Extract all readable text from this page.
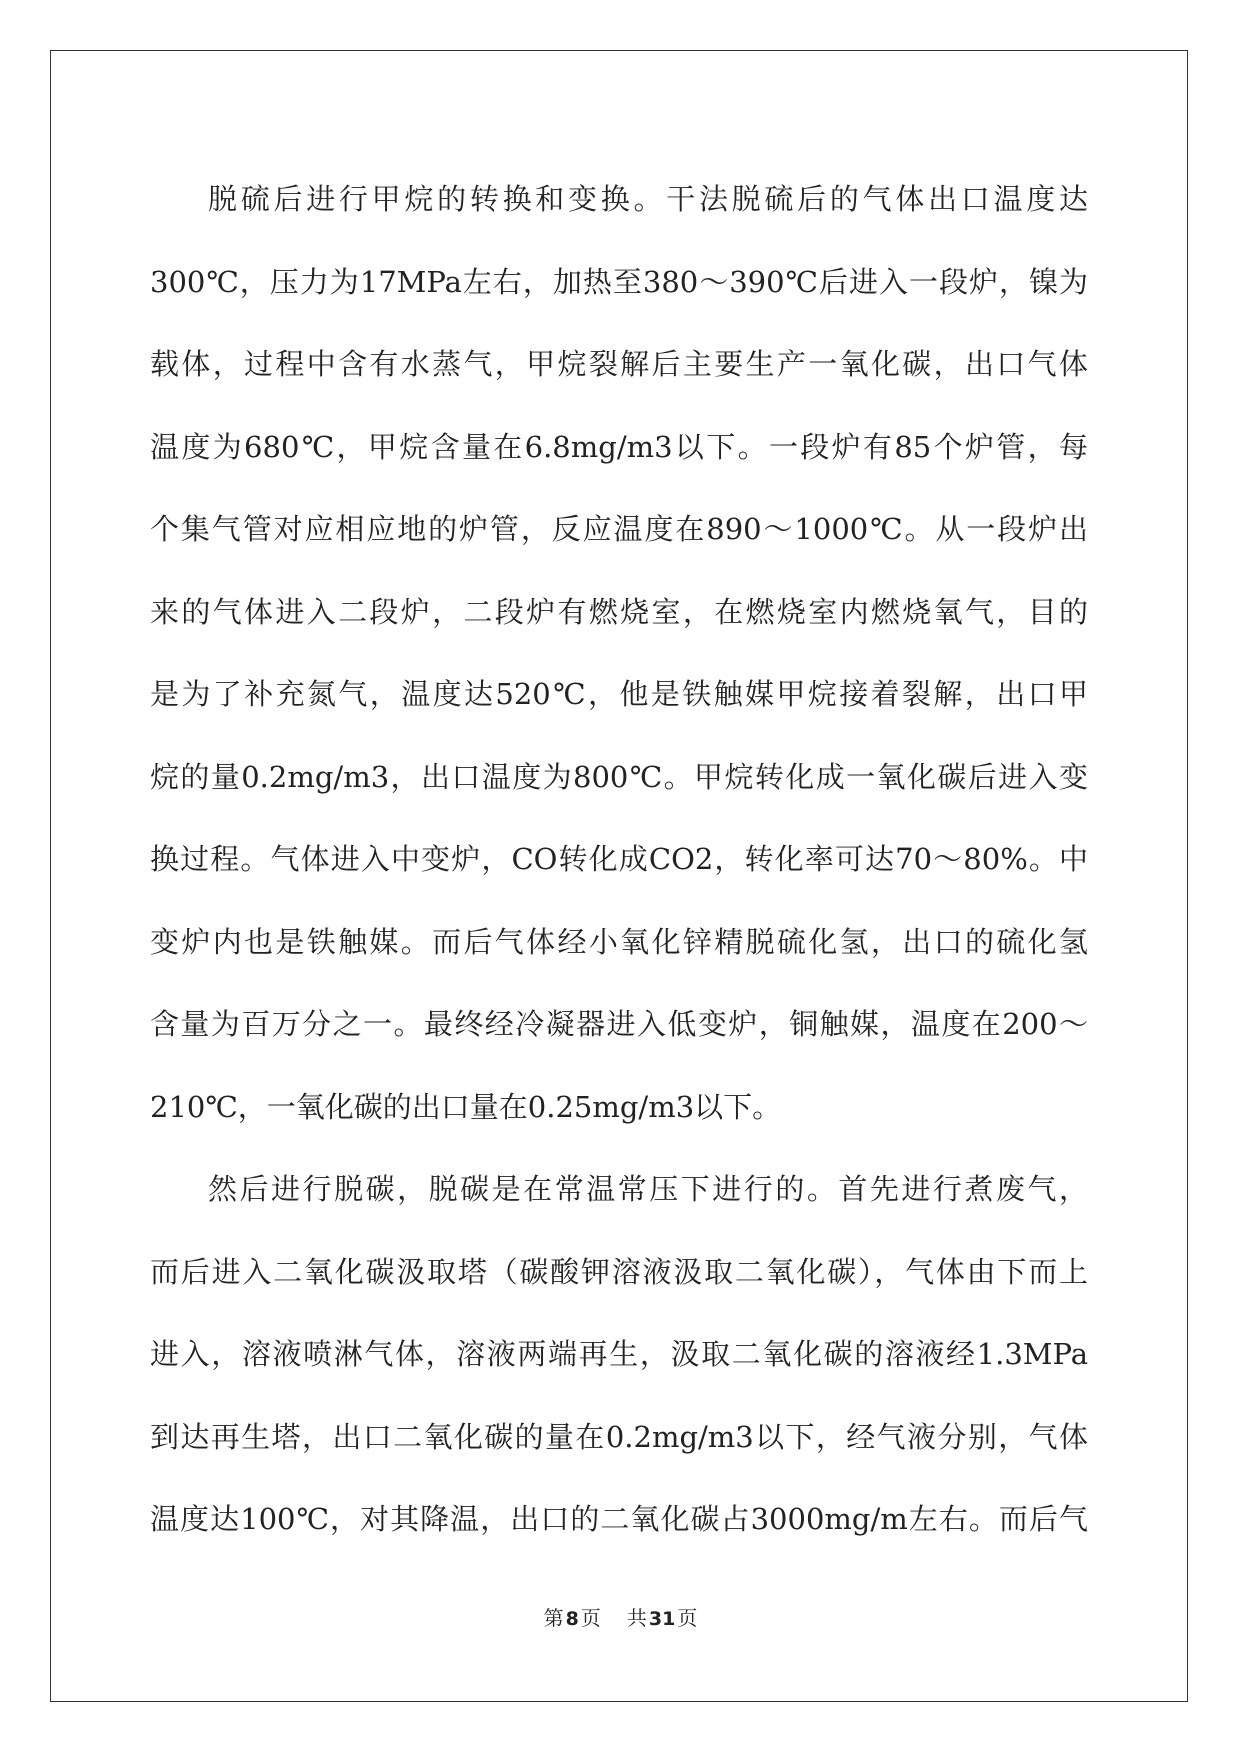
脱硫后进行甲烷的转换和变换。干法脱硫后的气体出口温度达
300℃，压力为17MPa左右，加热至380～390℃后进入一段炉，镍为
载体，过程中含有水蒸气，甲烷裂解后主要生产一氧化碳，出口气体
温度为680℃，甲烷含量在6.8mg/m3以下。一段炉有85个炉管，每
个集气管对应相应地的炉管，反应温度在890～1000℃。从一段炉出
来的气体进入二段炉，二段炉有燃烧室，在燃烧室内燃烧氧气，目的
是为了补充氮气，温度达520℃，他是铁触媒甲烷接着裂解，出口甲
烷的量0.2mg/m3，出口温度为800℃。甲烷转化成一氧化碳后进入变
换过程。气体进入中变炉，CO转化成CO2，转化率可达70～80%。中
变炉内也是铁触媒。而后气体经小氧化锌精脱硫化氢，出口的硫化氢
含量为百万分之一。最终经冷凝器进入低变炉，铜触媒，温度在200～
210℃，一氧化碳的出口量在0.25mg/m3以下。
然后进行脱碳，脱碳是在常温常压下进行的。首先进行煮废气，
而后进入二氧化碳汲取塔（碳酸钾溶液汲取二氧化碳），气体由下而上
进入，溶液喷淋气体，溶液两端再生，汲取二氧化碳的溶液经1.3MPa
到达再生塔，出口二氧化碳的量在0.2mg/m3以下，经气液分别，气体
温度达100℃，对其降温，出口的二氧化碳占3000mg/m左右。而后气
第 8 页 共 31 页
